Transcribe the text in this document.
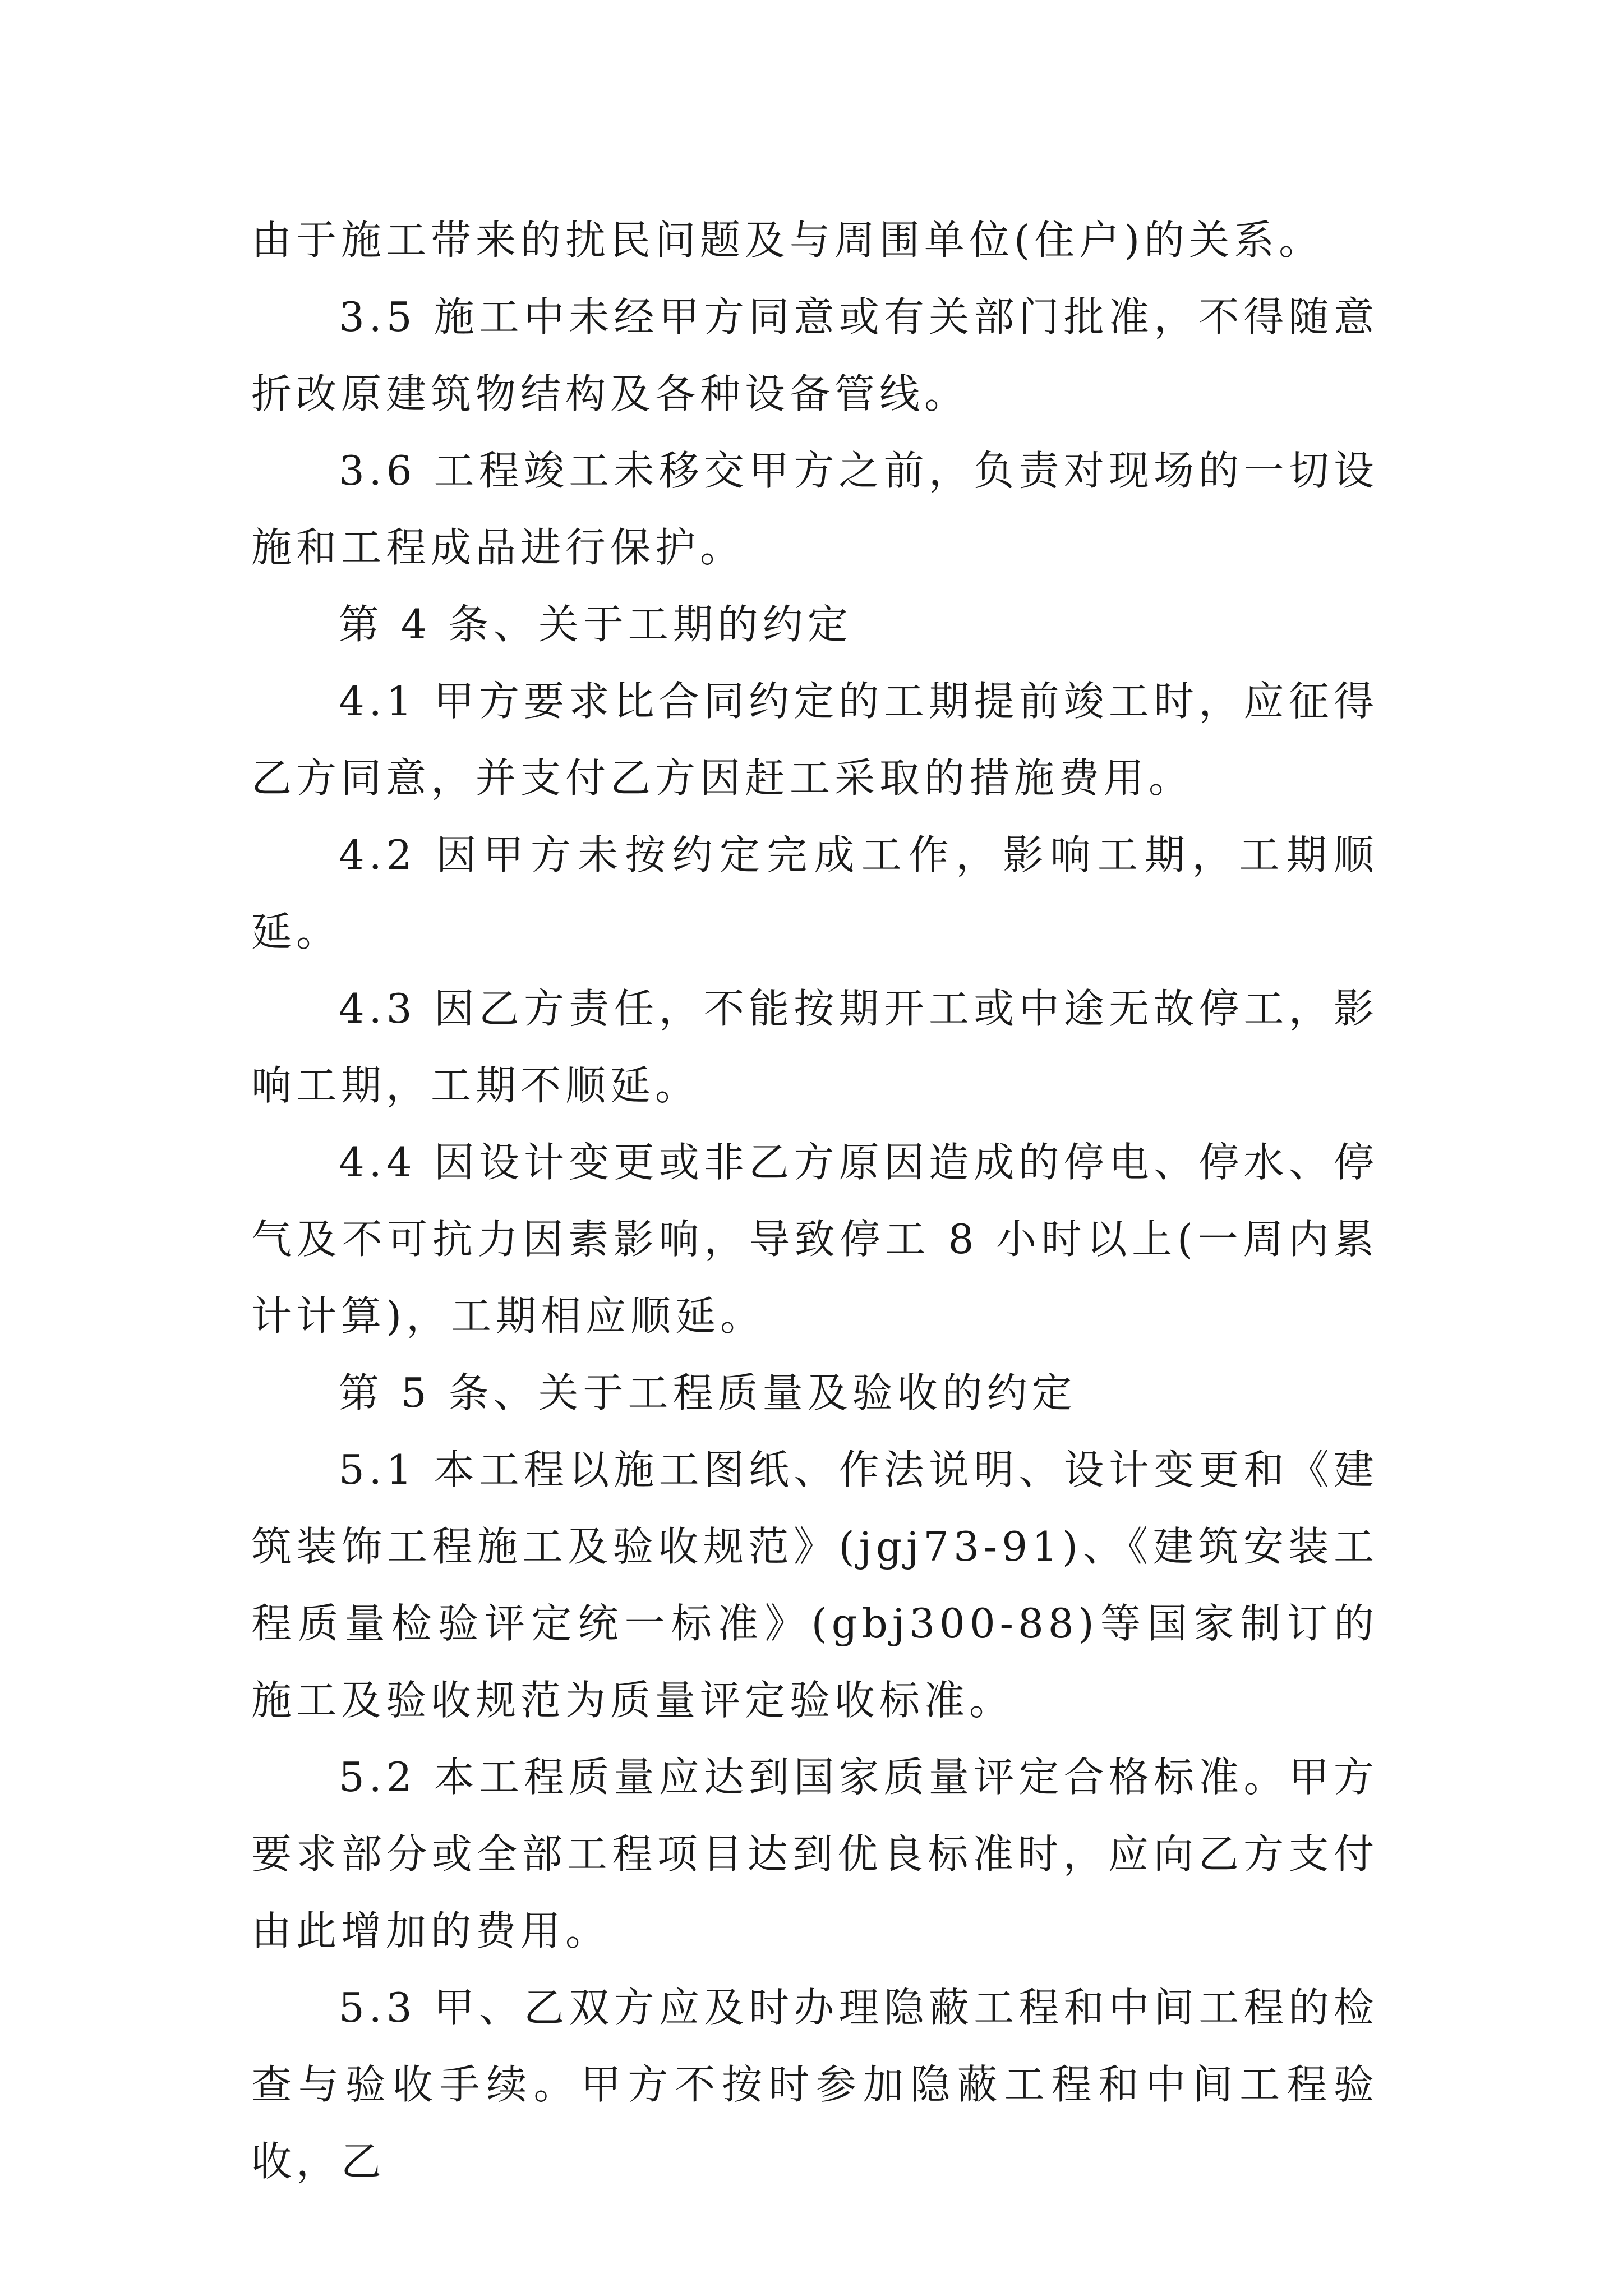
由于施工带来的扰民问题及与周围单位(住户)的关系。

3.5 施工中未经甲方同意或有关部门批准，不得随意折改原建筑物结构及各种设备管线。

3.6 工程竣工未移交甲方之前，负责对现场的一切设施和工程成品进行保护。

第 4 条、关于工期的约定

4.1 甲方要求比合同约定的工期提前竣工时，应征得乙方同意，并支付乙方因赶工采取的措施费用。

4.2 因甲方未按约定完成工作，影响工期，工期顺延。

4.3 因乙方责任，不能按期开工或中途无故停工，影响工期，工期不顺延。

4.4 因设计变更或非乙方原因造成的停电、停水、停气及不可抗力因素影响，导致停工 8 小时以上(一周内累计计算)，工期相应顺延。

第 5 条、关于工程质量及验收的约定

5.1 本工程以施工图纸、作法说明、设计变更和《建筑装饰工程施工及验收规范》(jgj73-91)、《建筑安装工程质量检验评定统一标准》(gbj300-88)等国家制订的施工及验收规范为质量评定验收标准。

5.2 本工程质量应达到国家质量评定合格标准。甲方要求部分或全部工程项目达到优良标准时，应向乙方支付由此增加的费用。

5.3 甲、乙双方应及时办理隐蔽工程和中间工程的检查与验收手续。甲方不按时参加隐蔽工程和中间工程验收，乙
